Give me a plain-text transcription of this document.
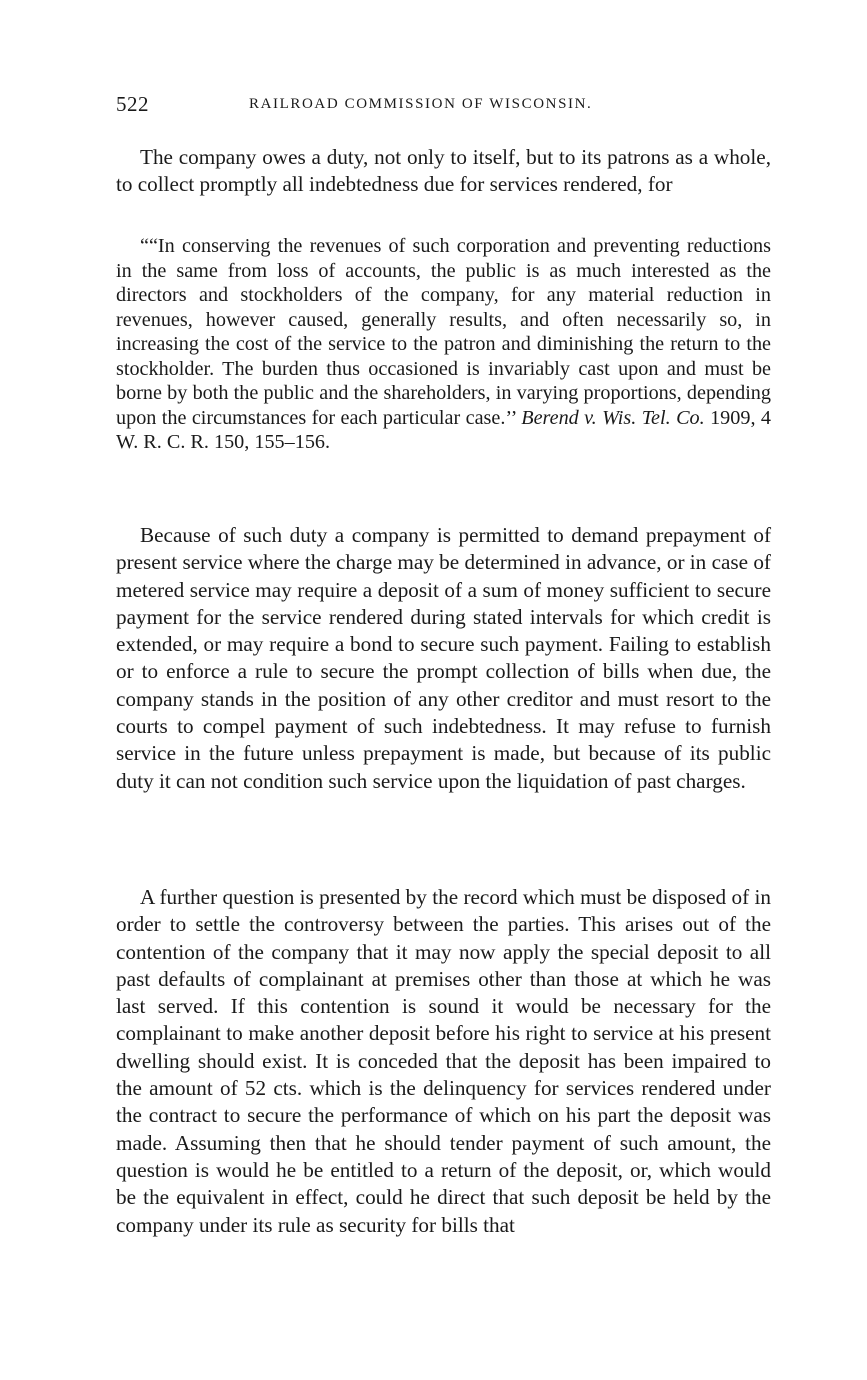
522	RAILROAD COMMISSION OF WISCONSIN.

The company owes a duty, not only to itself, but to its patrons as a whole, to collect promptly all indebtedness due for services rendered, for

““In conserving the revenues of such corporation and preventing reductions in the same from loss of accounts, the public is as much interested as the directors and stockholders of the company, for any material reduction in revenues, however caused, generally results, and often necessarily so, in increasing the cost of the service to the patron and diminishing the return to the stockholder. The burden thus occasioned is invariably cast upon and must be borne by both the public and the shareholders, in varying proportions, depending upon the circumstances for each particular case.’’ Berend v. Wis. Tel. Co. 1909, 4 W. R. C. R. 150, 155–156.

Because of such duty a company is permitted to demand prepayment of present service where the charge may be determined in advance, or in case of metered service may require a deposit of a sum of money sufficient to secure payment for the service rendered during stated intervals for which credit is extended, or may require a bond to secure such payment. Failing to establish or to enforce a rule to secure the prompt collection of bills when due, the company stands in the position of any other creditor and must resort to the courts to compel payment of such indebtedness. It may refuse to furnish service in the future unless prepayment is made, but because of its public duty it can not condition such service upon the liquidation of past charges.

A further question is presented by the record which must be disposed of in order to settle the controversy between the parties. This arises out of the contention of the company that it may now apply the special deposit to all past defaults of complainant at premises other than those at which he was last served. If this contention is sound it would be necessary for the complainant to make another deposit before his right to service at his present dwelling should exist. It is conceded that the deposit has been impaired to the amount of 52 cts. which is the delinquency for services rendered under the contract to secure the performance of which on his part the deposit was made. Assuming then that he should tender payment of such amount, the question is would he be entitled to a return of the deposit, or, which would be the equivalent in effect, could he direct that such deposit be held by the company under its rule as security for bills that
